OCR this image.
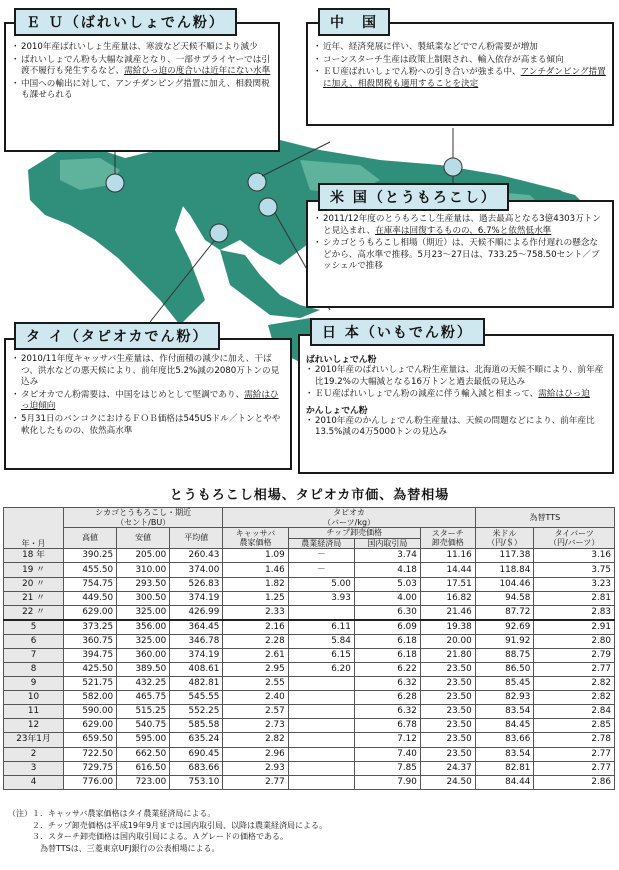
・ 2010年産ばれいしょ生産量は、寒波など天候不順により減少
・ ばれいしょでん粉も大幅な減産となり、一部サプライヤーでは引渡不履行も発生するなど、需給ひっ迫の度合いは近年にない水準
・ 中国への輸出に対して、アンチダンピング措置に加え、相殺関税も課せられる
Ｅ Ｕ（ばれいしょでん粉）
・ 近年、経済発展に伴い、製紙業などででん粉需要が増加
・ コーンスターチ生産は政策上制限され、輸入依存が高まる傾向
・ ＥＵ産ばれいしょでん粉への引き合いが強まる中、アンチダンピング措置に加え、相殺関税も適用することを決定
中　国
・ 2011/12年度のとうもろこし生産量は、過去最高となる3億4303万トンと見込まれ、在庫率は回復するものの、6.7%と依然低水準
・ シカゴとうもろこし相場（期近）は、天候不順による作付遅れの懸念などから、高水準で推移。5月23～27日は、733.25～758.50セント／ブッシェルで推移
米 国（とうもろこし）
・ 2010/11年度キャッサバ生産量は、作付面積の減少に加え、干ばつ、洪水などの悪天候により、前年度比5.2%減の2080万トンの見込み
・ タピオカでん粉需要は、中国をはじめとして堅調であり、需給はひっ迫傾向
・ 5月31日のバンコクにおけるＦＯＢ価格は545USドル／トンとやや軟化したものの、依然高水準
タ イ（タピオカでん粉）
ばれいしょでん粉
・ 2010年産のばれいしょでん粉生産量は、北海道の天候不順により、前年産比19.2%の大幅減となる16万トンと過去最低の見込み
・ ＥＵ産ばれいしょでん粉の減産に伴う輸入減と相まって、需給はひっ迫
かんしょでん粉
・ 2010年産のかんしょでん粉生産量は、天候の問題などにより、前年産比13.5%減の4万5000トンの見込み
日 本（いもでん粉）
とうもろこし相場、タピオカ市価、為替相場
年・月	シカゴとうもろこし・期近
（セント/BU）			タピオカ
（バーツ/kg）				為替TTS	
	高値	安値	平均値	キャッサバ
農家価格	チップ卸売価格		スターチ
卸売価格	米ドル
（円/＄）	タイバーツ
（円/バーツ）
					農業経済局	国内取引局			
18 年	390.25	205.00	260.43	1.09	－	3.74	11.16	117.38	3.16
19 〃	455.50	310.00	374.00	1.46	－	4.18	14.44	118.84	3.75
20 〃	754.75	293.50	526.83	1.82	5.00	5.03	17.51	104.46	3.23
21 〃	449.50	300.50	374.19	1.25	3.93	4.00	16.82	94.58	2.81
22 〃	629.00	325.00	426.99	2.33		6.30	21.46	87.72	2.83
5	373.25	356.00	364.45	2.16	6.11	6.09	19.38	92.69	2.91
6	360.75	325.00	346.78	2.28	5.84	6.18	20.00	91.92	2.80
7	394.75	360.00	374.19	2.61	6.15	6.18	21.80	88.75	2.79
8	425.50	389.50	408.61	2.95	6.20	6.22	23.50	86.50	2.77
9	521.75	432.25	482.81	2.55		6.32	23.50	85.45	2.82
10	582.00	465.75	545.55	2.40		6.28	23.50	82.93	2.82
11	590.00	515.25	552.25	2.57		6.32	23.50	83.54	2.84
12	629.00	540.75	585.58	2.73		6.78	23.50	84.45	2.85
23年1月	659.50	595.00	635.24	2.82		7.12	23.50	83.66	2.78
2	722.50	662.50	690.45	2.96		7.40	23.50	83.54	2.77
3	729.75	616.50	683.66	2.93		7.85	24.37	82.81	2.77
4	776.00	723.00	753.10	2.77		7.90	24.50	84.44	2.86
（注）１．キャッサバ農家価格はタイ農業経済局による。
　　　２．チップ卸売価格は平成19年9月までは国内取引局、以降は農業経済局による。
　　　３．スターチ卸売価格は国内取引局による。Ａグレードの価格である。
　　　　為替TTSは、三菱東京UFJ銀行の公表相場による。
